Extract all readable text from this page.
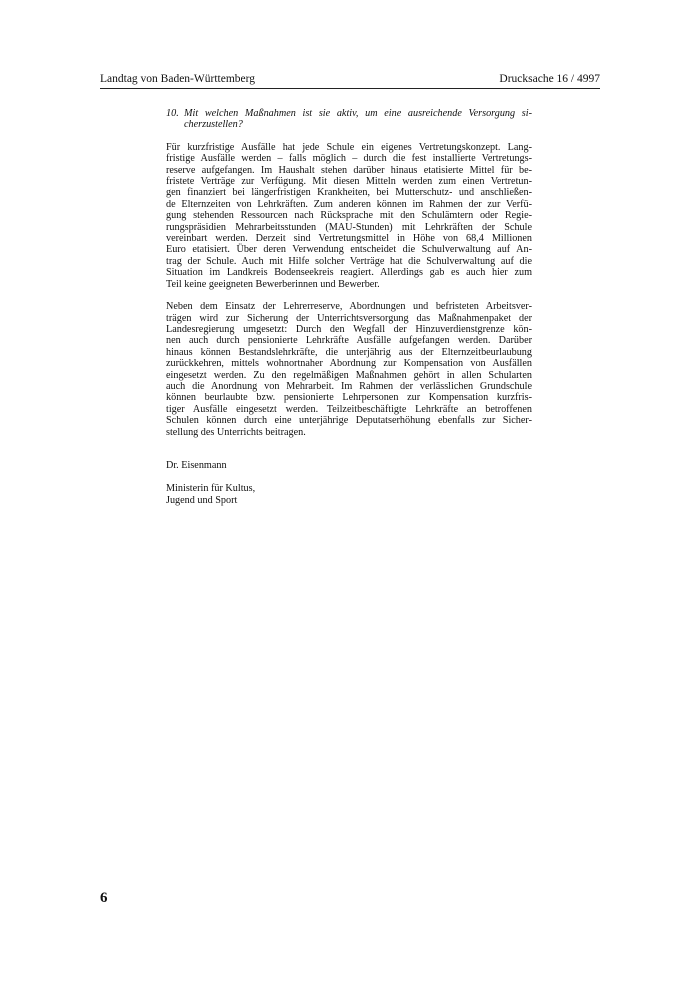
Landtag von Baden-Württemberg	Drucksache 16 / 4997
10. Mit welchen Maßnahmen ist sie aktiv, um eine ausreichende Versorgung si-
cherzustellen?
Für kurzfristige Ausfälle hat jede Schule ein eigenes Vertretungskonzept. Lang-
fristige Ausfälle werden – falls möglich – durch die fest installierte Vertretungs-
reserve aufgefangen. Im Haushalt stehen darüber hinaus etatisierte Mittel für be-
fristete Verträge zur Verfügung. Mit diesen Mitteln werden zum einen Vertretun-
gen finanziert bei längerfristigen Krankheiten, bei Mutterschutz- und anschließen-
de Elternzeiten von Lehrkräften. Zum anderen können im Rahmen der zur Verfü-
gung stehenden Ressourcen nach Rücksprache mit den Schulämtern oder Regie-
rungspräsidien Mehrarbeitsstunden (MAU-Stunden) mit Lehrkräften der Schule
vereinbart werden. Derzeit sind Vertretungsmittel in Höhe von 68,4 Millionen
Euro etatisiert. Über deren Verwendung entscheidet die Schulverwaltung auf An-
trag der Schule. Auch mit Hilfe solcher Verträge hat die Schulverwaltung auf die
Situation im Landkreis Bodenseekreis reagiert. Allerdings gab es auch hier zum
Teil keine geeigneten Bewerberinnen und Bewerber.
Neben dem Einsatz der Lehrerreserve, Abordnungen und befristeten Arbeitsver-
trägen wird zur Sicherung der Unterrichtsversorgung das Maßnahmenpaket der
Landesregierung umgesetzt: Durch den Wegfall der Hinzuverdienstgrenze kön-
nen auch durch pensionierte Lehrkräfte Ausfälle aufgefangen werden. Darüber
hinaus können Bestandslehrkräfte, die unterjährig aus der Elternzeitbeurlaubung
zurückkehren, mittels wohnortnaher Abordnung zur Kompensation von Ausfällen
eingesetzt werden. Zu den regelmäßigen Maßnahmen gehört in allen Schularten
auch die Anordnung von Mehrarbeit. Im Rahmen der verlässlichen Grundschule
können beurlaubte bzw. pensionierte Lehrpersonen zur Kompensation kurzfris-
tiger Ausfälle eingesetzt werden. Teilzeitbeschäftigte Lehrkräfte an betroffenen
Schulen können durch eine unterjährige Deputatserhöhung ebenfalls zur Sicher-
stellung des Unterrichts beitragen.
Dr. Eisenmann
Ministerin für Kultus,
Jugend und Sport
6
